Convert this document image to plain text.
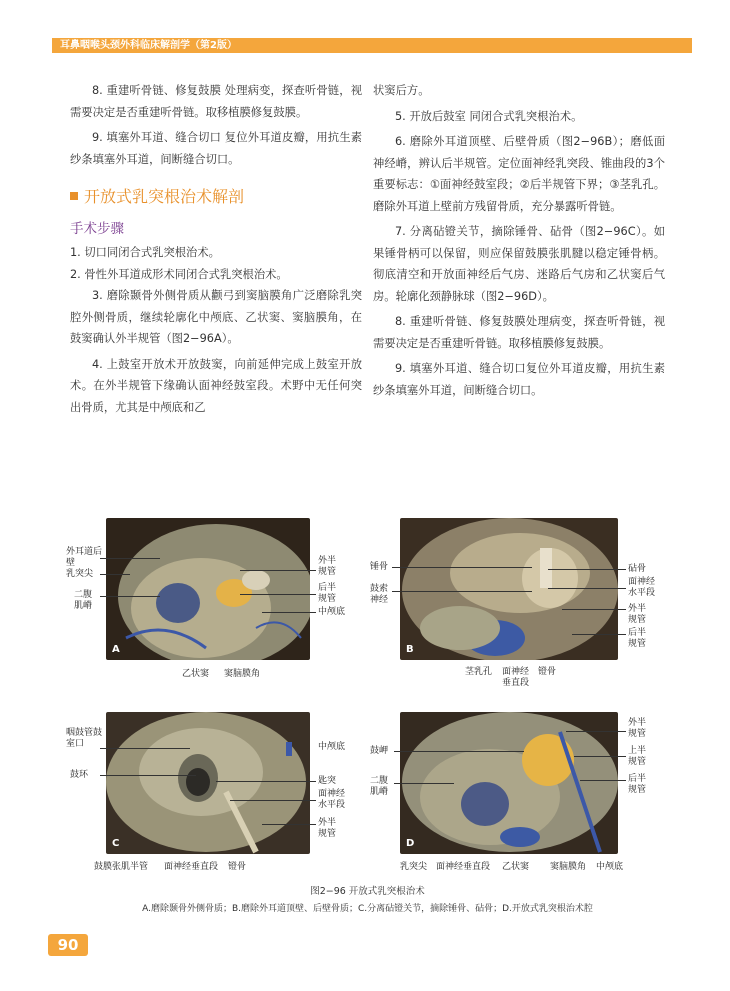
耳鼻咽喉头颈外科临床解剖学（第2版）

8. 重建听骨链、修复鼓膜 处理病变，探查听骨链，视需要决定是否重建听骨链。取移植膜修复鼓膜。

9. 填塞外耳道、缝合切口 复位外耳道皮瓣，用抗生素纱条填塞外耳道，间断缝合切口。

开放式乳突根治术解剖
手术步骤

1. 切口同闭合式乳突根治术。

2. 骨性外耳道成形术同闭合式乳突根治术。

3. 磨除颞骨外侧骨质从颧弓到窦脑膜角广泛磨除乳突腔外侧骨质，继续轮廓化中颅底、乙状窦、窦脑膜角，在鼓窦确认外半规管（图2−96A）。

4. 上鼓室开放术开放鼓窦，向前延伸完成上鼓室开放术。在外半规管下缘确认面神经鼓室段。术野中无任何突出骨质，尤其是中颅底和乙

状窦后方。

5. 开放后鼓室 同闭合式乳突根治术。

6. 磨除外耳道顶壁、后壁骨质（图2−96B）；磨低面神经嵴，辨认后半规管。定位面神经乳突段、锥曲段的3个重要标志：①面神经鼓室段；②后半规管下界；③茎乳孔。磨除外耳道上壁前方残留骨质，充分暴露听骨链。

7. 分离砧镫关节，摘除锤骨、砧骨（图2−96C）。如果锤骨柄可以保留，则应保留鼓膜张肌腱以稳定锤骨柄。彻底清空和开放面神经后气房、迷路后气房和乙状窦后气房。轮廓化颈静脉球（图2−96D）。

8. 重建听骨链、修复鼓膜处理病变，探查听骨链，视需要决定是否重建听骨链。取移植膜修复鼓膜。

9. 填塞外耳道、缝合切口复位外耳道皮瓣，用抗生素纱条填塞外耳道，间断缝合切口。

A
外耳道后壁
乳突尖
二腹肌嵴
外半规管
后半规管
中颅底
乙状窦 窦脑膜角
B
锤骨
鼓索神经
砧骨
面神经水平段
外半规管
后半规管
茎乳孔 面神经垂直段
镫骨
C
咽鼓管鼓室口
鼓环
中颅底
匙突
面神经水平段
外半规管
鼓膜张肌半管 面神经垂直段 镫骨
D
鼓岬
二腹肌嵴
外半规管
上半规管
后半规管
乳突尖 面神经垂直段 乙状窦 窦脑膜角 中颅底
图2−96 开放式乳突根治术
A.磨除颞骨外侧骨质；B.磨除外耳道顶壁、后壁骨质；C.分离砧镫关节，摘除锤骨、砧骨；D.开放式乳突根治术腔
90
